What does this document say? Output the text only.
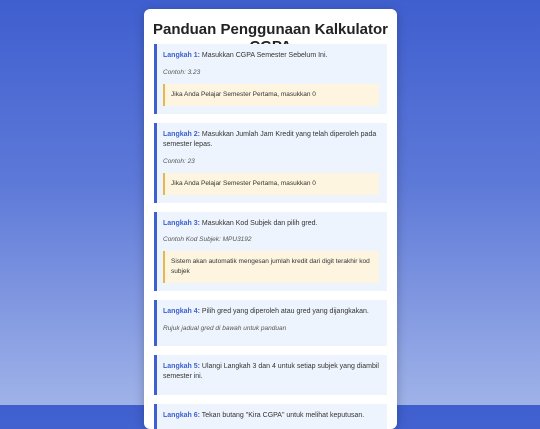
Panduan Penggunaan Kalkulator

Langkah 1: Masukkan CGPA Semester Sebelum Ini.

Contoh: 3.23

Jika Anda Pelajar Semester Pertama, masukkan 0

Langkah 2: Masukkan Jumlah Jam Kredit yang telah diperoleh pada semester lepas.

Contoh: 23

Jika Anda Pelajar Semester Pertama, masukkan 0

Langkah 3: Masukkan Kod Subjek dan pilih gred.

Contoh Kod Subjek: MPU3192

Sistem akan automatik mengesan jumlah kredit dari digit terakhir kod subjek

Langkah 4: Pilih gred yang diperoleh atau gred yang dijangkakan.

Rujuk jadual gred di bawah untuk panduan

Langkah 5: Ulangi Langkah 3 dan 4 untuk setiap subjek yang diambil semester ini.

Langkah 6: Tekan butang "Kira CGPA" untuk melihat keputusan.
